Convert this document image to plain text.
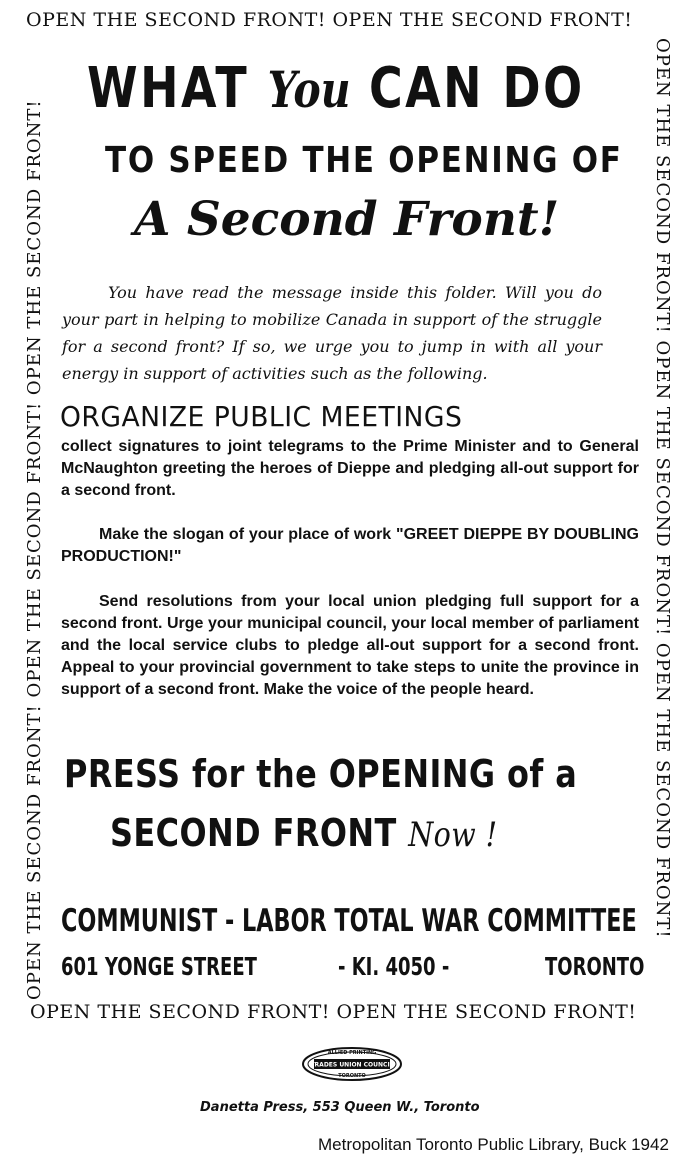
OPEN THE SECOND FRONT! OPEN THE SECOND FRONT!
OPEN THE SECOND FRONT! OPEN THE SECOND FRONT!
OPEN THE SECOND FRONT! OPEN THE SECOND FRONT! OPEN THE SECOND FRONT!	OPEN THE SECOND FRONT! OPEN THE SECOND FRONT! OPEN THE SECOND FRONT!
WHAT You CAN DO
TO SPEED THE OPENING OF
A Second Front!

You have read the message inside this folder. Will you do your part in helping to mobilize Canada in support of the struggle for a second front? If so, we urge you to jump in with all your energy in support of activities such as the following.

ORGANIZE PUBLIC MEETINGS

collect signatures to joint telegrams to the Prime Minister and to General McNaughton greeting the heroes of Dieppe and pledging all-out support for a second front.

Make the slogan of your place of work "GREET DIEPPE BY DOUBLING PRODUCTION!"

Send resolutions from your local union pledging full support for a second front. Urge your municipal council, your local member of parliament and the local service clubs to pledge all-out support for a second front. Appeal to your provincial government to take steps to unite the province in support of a second front. Make the voice of the people heard.

PRESS for the OPENING of a
SECOND FRONT Now !
COMMUNIST - LABOR TOTAL WAR COMMITTEE
601 YONGE STREET	- KI. 4050 -	TORONTO
ALLIED PRINTING
TRADES UNION COUNCIL
TORONTO
Danetta Press, 553 Queen W., Toronto
Metropolitan Toronto Public Library, Buck 1942
